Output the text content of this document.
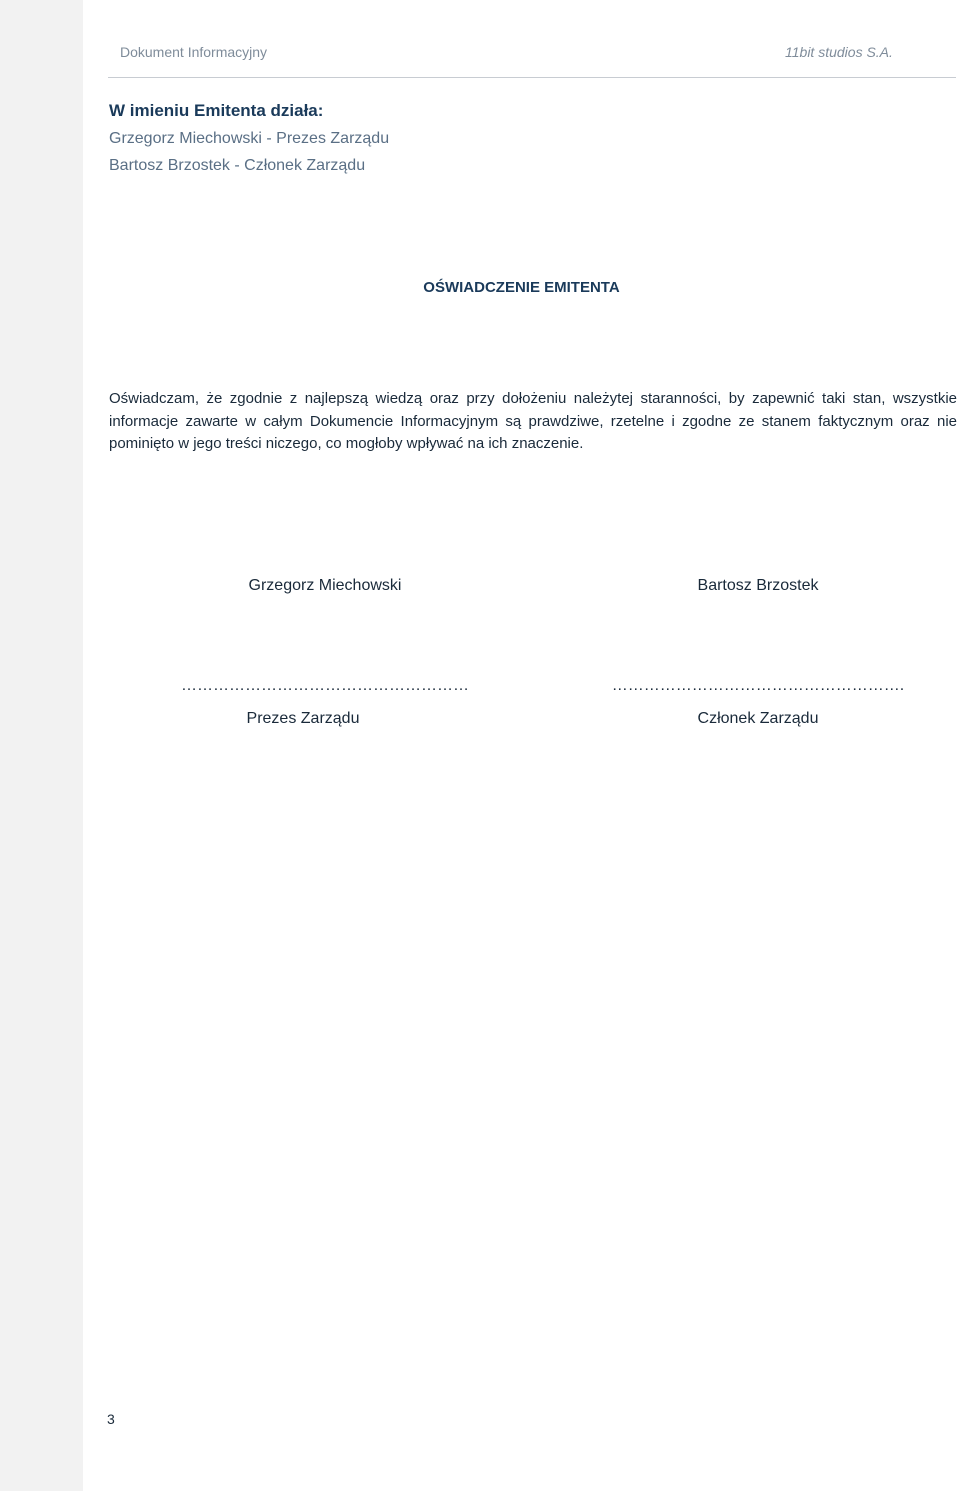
Dokument Informacyjny	11bit studios S.A.
W imieniu Emitenta działa:
Grzegorz Miechowski - Prezes Zarządu
Bartosz Brzostek - Członek Zarządu
OŚWIADCZENIE EMITENTA
Oświadczam, że zgodnie z najlepszą wiedzą oraz przy dołożeniu należytej staranności, by zapewnić taki stan, wszystkie informacje zawarte w całym Dokumencie Informacyjnym są prawdziwe, rzetelne i zgodne ze stanem faktycznym oraz nie pominięto w jego treści niczego, co mogłoby wpływać na ich znaczenie.
Grzegorz Miechowski
………………………………………………
Prezes Zarządu
Bartosz Brzostek
……………………………………………….
Członek Zarządu
3
